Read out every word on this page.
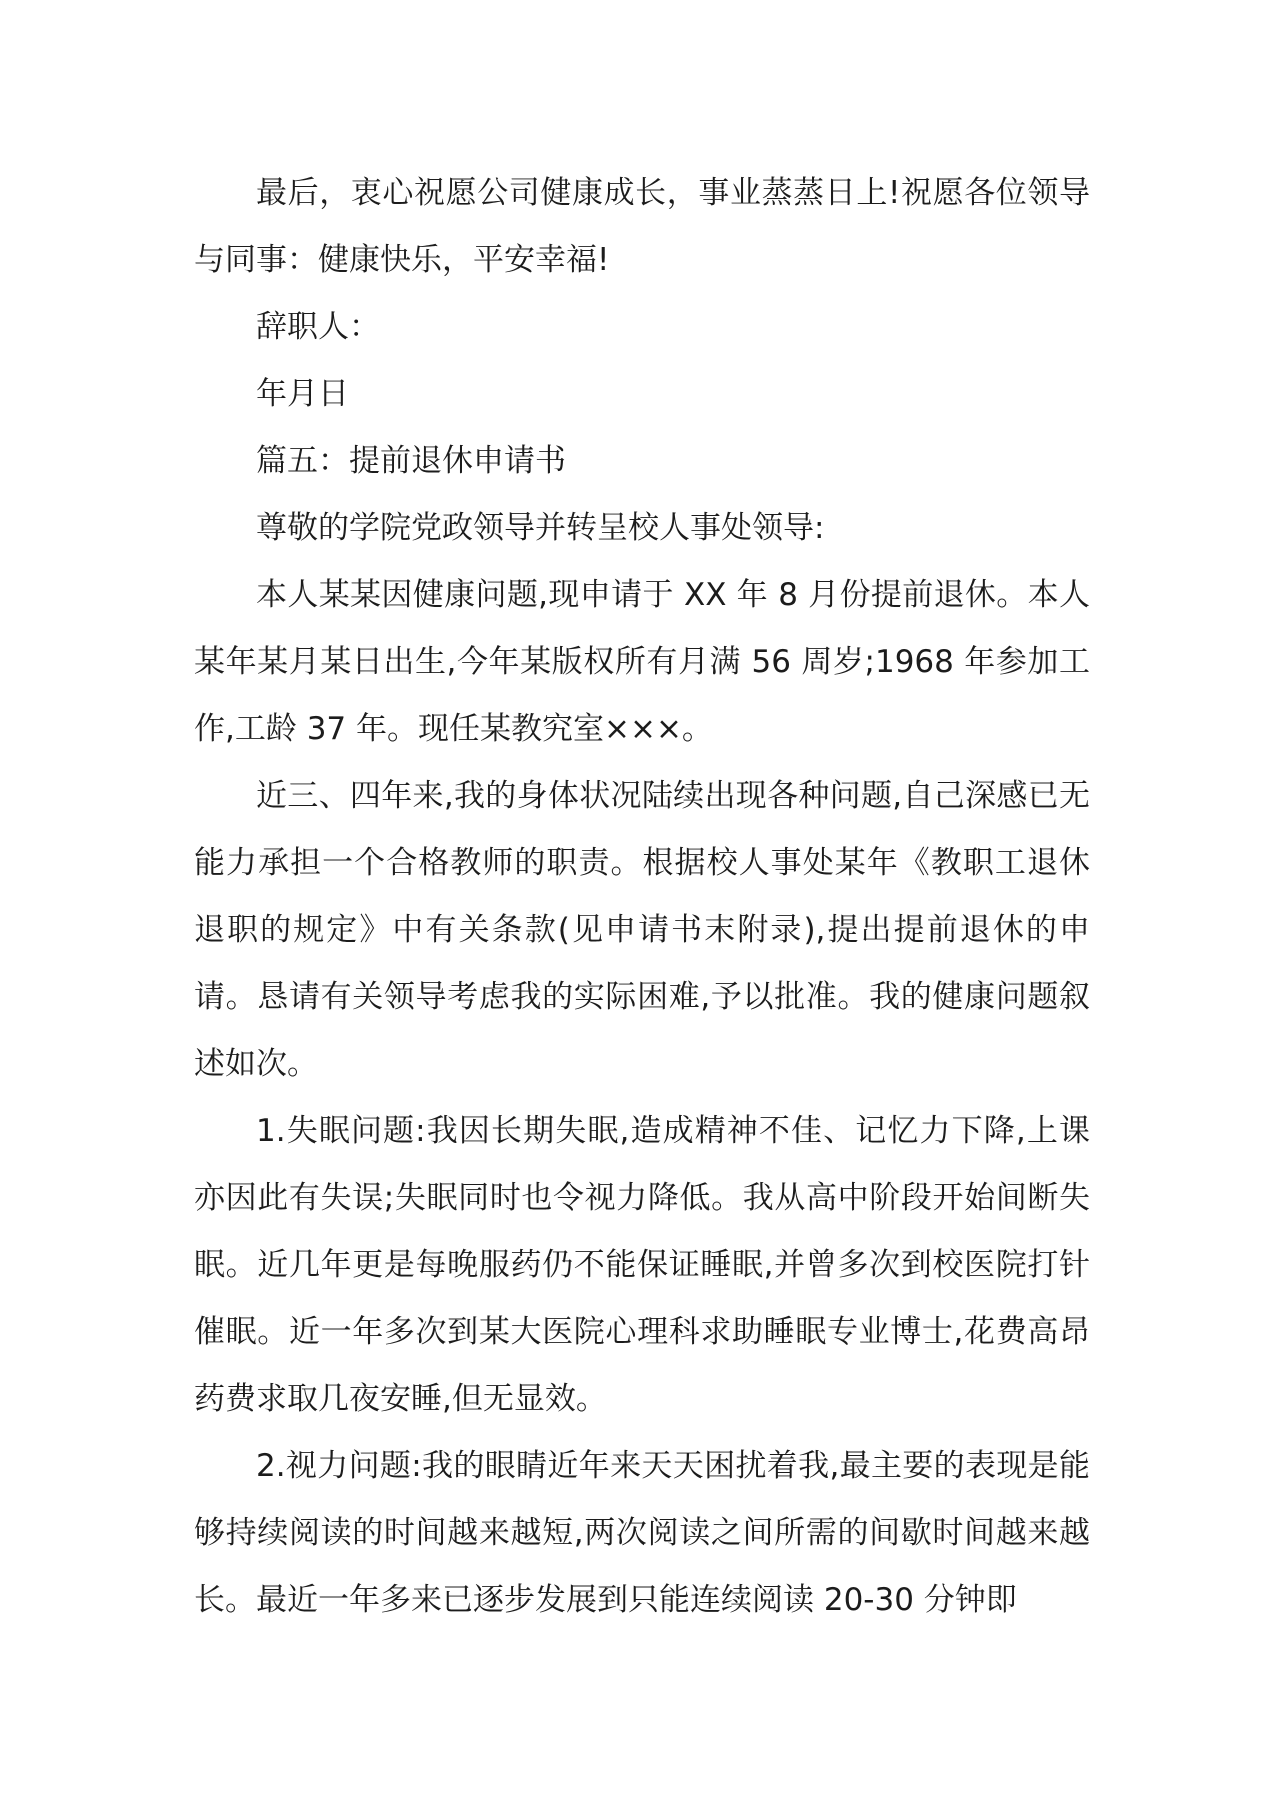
最后，衷心祝愿公司健康成长，事业蒸蒸日上!祝愿各位领导与同事：健康快乐，平安幸福!

辞职人：

年月日

篇五：提前退休申请书

尊敬的学院党政领导并转呈校人事处领导:

本人某某因健康问题,现申请于 XX 年 8 月份提前退休。本人某年某月某日出生,今年某版权所有月满 56 周岁;1968 年参加工作,工龄 37 年。现任某教究室×××。

近三、四年来,我的身体状况陆续出现各种问题,自己深感已无能力承担一个合格教师的职责。根据校人事处某年《教职工退休退职的规定》中有关条款(见申请书末附录),提出提前退休的申请。恳请有关领导考虑我的实际困难,予以批准。我的健康问题叙述如次。

1.失眠问题:我因长期失眠,造成精神不佳、记忆力下降,上课亦因此有失误;失眠同时也令视力降低。我从高中阶段开始间断失眠。近几年更是每晚服药仍不能保证睡眠,并曾多次到校医院打针催眠。近一年多次到某大医院心理科求助睡眠专业博士,花费高昂药费求取几夜安睡,但无显效。

2.视力问题:我的眼睛近年来天天困扰着我,最主要的表现是能够持续阅读的时间越来越短,两次阅读之间所需的间歇时间越来越长。最近一年多来已逐步发展到只能连续阅读 20-30 分钟即
